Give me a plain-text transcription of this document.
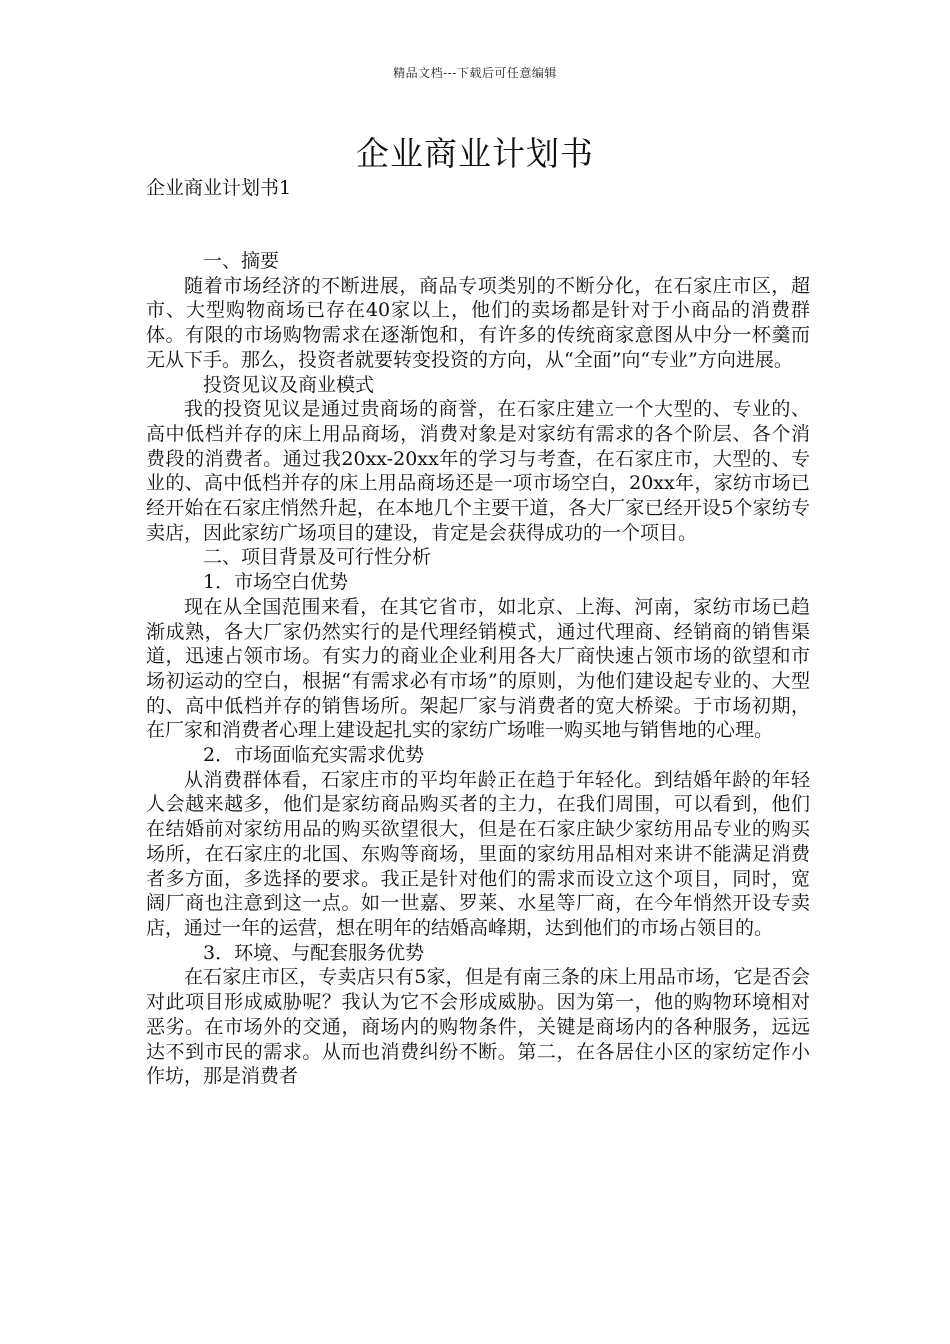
精品文档---下载后可任意编辑
企业商业计划书
企业商业计划书1

一、摘要

随着市场经济的不断进展，商品专项类别的不断分化，在石家庄市区，超市、大型购物商场已存在40家以上，他们的卖场都是针对于小商品的消费群体。有限的市场购物需求在逐渐饱和，有许多的传统商家意图从中分一杯羹而无从下手。那么，投资者就要转变投资的方向，从“全面”向“专业”方向进展。

投资见议及商业模式

我的投资见议是通过贵商场的商誉，在石家庄建立一个大型的、专业的、高中低档并存的床上用品商场，消费对象是对家纺有需求的各个阶层、各个消费段的消费者。通过我20xx-20xx年的学习与考查，在石家庄市，大型的、专业的、高中低档并存的床上用品商场还是一项市场空白，20xx年，家纺市场已经开始在石家庄悄然升起，在本地几个主要干道，各大厂家已经开设5个家纺专卖店，因此家纺广场项目的建设，肯定是会获得成功的一个项目。

二、项目背景及可行性分析

1．市场空白优势

现在从全国范围来看，在其它省市，如北京、上海、河南，家纺市场已趋渐成熟，各大厂家仍然实行的是代理经销模式，通过代理商、经销商的销售渠道，迅速占领市场。有实力的商业企业利用各大厂商快速占领市场的欲望和市场初运动的空白，根据“有需求必有市场”的原则，为他们建设起专业的、大型的、高中低档并存的销售场所。架起厂家与消费者的宽大桥梁。于市场初期，在厂家和消费者心理上建设起扎实的家纺广场唯一购买地与销售地的心理。

2．市场面临充实需求优势

从消费群体看，石家庄市的平均年龄正在趋于年轻化。到结婚年龄的年轻人会越来越多，他们是家纺商品购买者的主力，在我们周围，可以看到，他们在结婚前对家纺用品的购买欲望很大，但是在石家庄缺少家纺用品专业的购买场所，在石家庄的北国、东购等商场，里面的家纺用品相对来讲不能满足消费者多方面，多选择的要求。我正是针对他们的需求而设立这个项目，同时，宽阔厂商也注意到这一点。如一世嘉、罗莱、水星等厂商，在今年悄然开设专卖店，通过一年的运营，想在明年的结婚高峰期，达到他们的市场占领目的。

3．环境、与配套服务优势

在石家庄市区，专卖店只有5家，但是有南三条的床上用品市场，它是否会对此项目形成威胁呢？我认为它不会形成威胁。因为第一，他的购物环境相对恶劣。在市场外的交通，商场内的购物条件，关键是商场内的各种服务，远远达不到市民的需求。从而也消费纠纷不断。第二，在各居住小区的家纺定作小作坊，那是消费者
